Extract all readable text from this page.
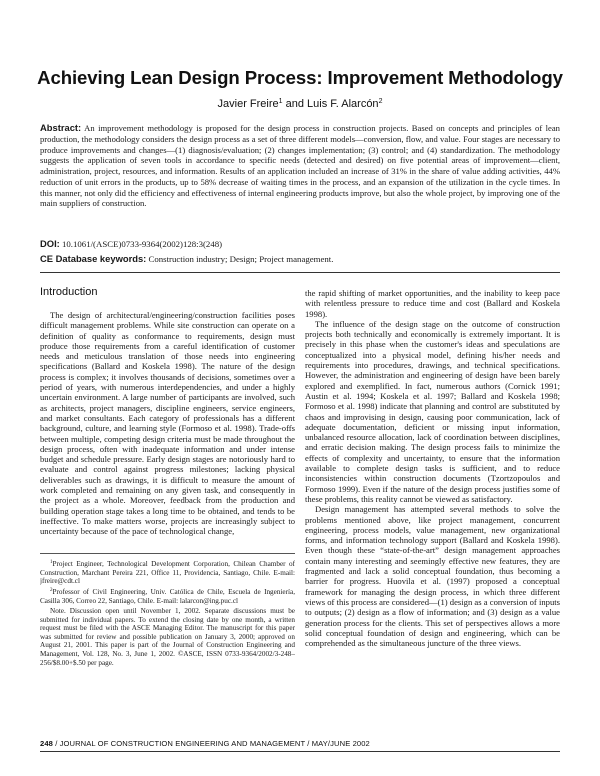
Achieving Lean Design Process: Improvement Methodology
Javier Freire$^1$ and Luis F. Alarcón$^2$
Abstract: An improvement methodology is proposed for the design process in construction projects. Based on concepts and principles of lean production, the methodology considers the design process as a set of three different models—conversion, flow, and value. Four stages are necessary to produce improvements and changes—(1) diagnosis/evaluation; (2) changes implementation; (3) control; and (4) standardization. The methodology suggests the application of seven tools in accordance to specific needs (detected and desired) on five potential areas of improvement—client, administration, project, resources, and information. Results of an application included an increase of 31% in the share of value adding activities, 44% reduction of unit errors in the products, up to 58% decrease of waiting times in the process, and an expansion of the utilization in the cycle times. In this manner, not only did the efficiency and effectiveness of internal engineering products improve, but also the whole project, by improving one of the main suppliers of construction.
DOI: 10.1061/(ASCE)0733-9364(2002)128:3(248)
CE Database keywords: Construction industry; Design; Project management.
Introduction

The design of architectural/engineering/construction facilities poses difficult management problems. While site construction can operate on a definition of quality as conformance to requirements, design must produce those requirements from a careful identification of customer needs and meticulous translation of those needs into engineering specifications (Ballard and Koskela 1998). The nature of the design process is complex; it involves thousands of decisions, sometimes over a period of years, with numerous interdependencies, and under a highly uncertain environment. A large number of participants are involved, such as architects, project managers, discipline engineers, service engineers, and market consultants. Each category of professionals has a different background, culture, and learning style (Formoso et al. 1998). Trade-offs between multiple, competing design criteria must be made throughout the design process, often with inadequate information and under intense budget and schedule pressure. Early design stages are notoriously hard to evaluate and control against progress milestones; lacking physical deliverables such as drawings, it is difficult to measure the amount of work completed and remaining on any given task, and consequently in the project as a whole. Moreover, feedback from the production and building operation stage takes a long time to be obtained, and tends to be ineffective. To make matters worse, projects are increasingly subject to uncertainty because of the pace of technological change,

the rapid shifting of market opportunities, and the inability to keep pace with relentless pressure to reduce time and cost (Ballard and Koskela 1998).

The influence of the design stage on the outcome of construction projects both technically and economically is extremely important. It is precisely in this phase when the customer's ideas and speculations are conceptualized into a physical model, defining his/her needs and requirements into procedures, drawings, and technical specifications. However, the administration and engineering of design have been barely explored and exemplified. In fact, numerous authors (Cornick 1991; Austin et al. 1994; Koskela et al. 1997; Ballard and Koskela 1998; Formoso et al. 1998) indicate that planning and control are substituted by chaos and improvising in design, causing poor communication, lack of adequate documentation, deficient or missing input information, unbalanced resource allocation, lack of coordination between disciplines, and erratic decision making. The design process fails to minimize the effects of complexity and uncertainty, to ensure that the information available to complete design tasks is sufficient, and to reduce inconsistencies within construction documents (Tzortzopoulos and Formoso 1999). Even if the nature of the design process justifies some of these problems, this reality cannot be viewed as satisfactory.

Design management has attempted several methods to solve the problems mentioned above, like project management, concurrent engineering, process models, value management, new organizational forms, and information technology support (Ballard and Koskela 1998). Even though these “state-of-the-art” design management approaches contain many interesting and seemingly effective new features, they are fragmented and lack a solid conceptual foundation, thus becoming a barrier for progress. Huovila et al. (1997) proposed a conceptual framework for managing the design process, in which three different views of this process are considered—(1) design as a conversion of inputs to outputs; (2) design as a flow of information; and (3) design as a value generation process for the clients. This set of perspectives allows a more solid conceptual foundation of design and engineering, which can be comprehended as the simultaneous juncture of the three views.

$^1$Project Engineer, Technological Development Corporation, Chilean Chamber of Construction, Marchant Pereira 221, Office 11, Providencia, Santiago, Chile. E-mail: jfreire@cdt.cl

$^2$Professor of Civil Engineering, Univ. Católica de Chile, Escuela de Ingeniería, Casilla 306, Correo 22, Santiago, Chile. E-mail: lalarcon@ing.puc.cl

Note. Discussion open until November 1, 2002. Separate discussions must be submitted for individual papers. To extend the closing date by one month, a written request must be filed with the ASCE Managing Editor. The manuscript for this paper was submitted for review and possible publication on January 3, 2000; approved on August 21, 2001. This paper is part of the Journal of Construction Engineering and Management, Vol. 128, No. 3, June 1, 2002. ©ASCE, ISSN 0733-9364/2002/3-248–256/$8.00+$.50 per page.

248 / JOURNAL OF CONSTRUCTION ENGINEERING AND MANAGEMENT / MAY/JUNE 2002
